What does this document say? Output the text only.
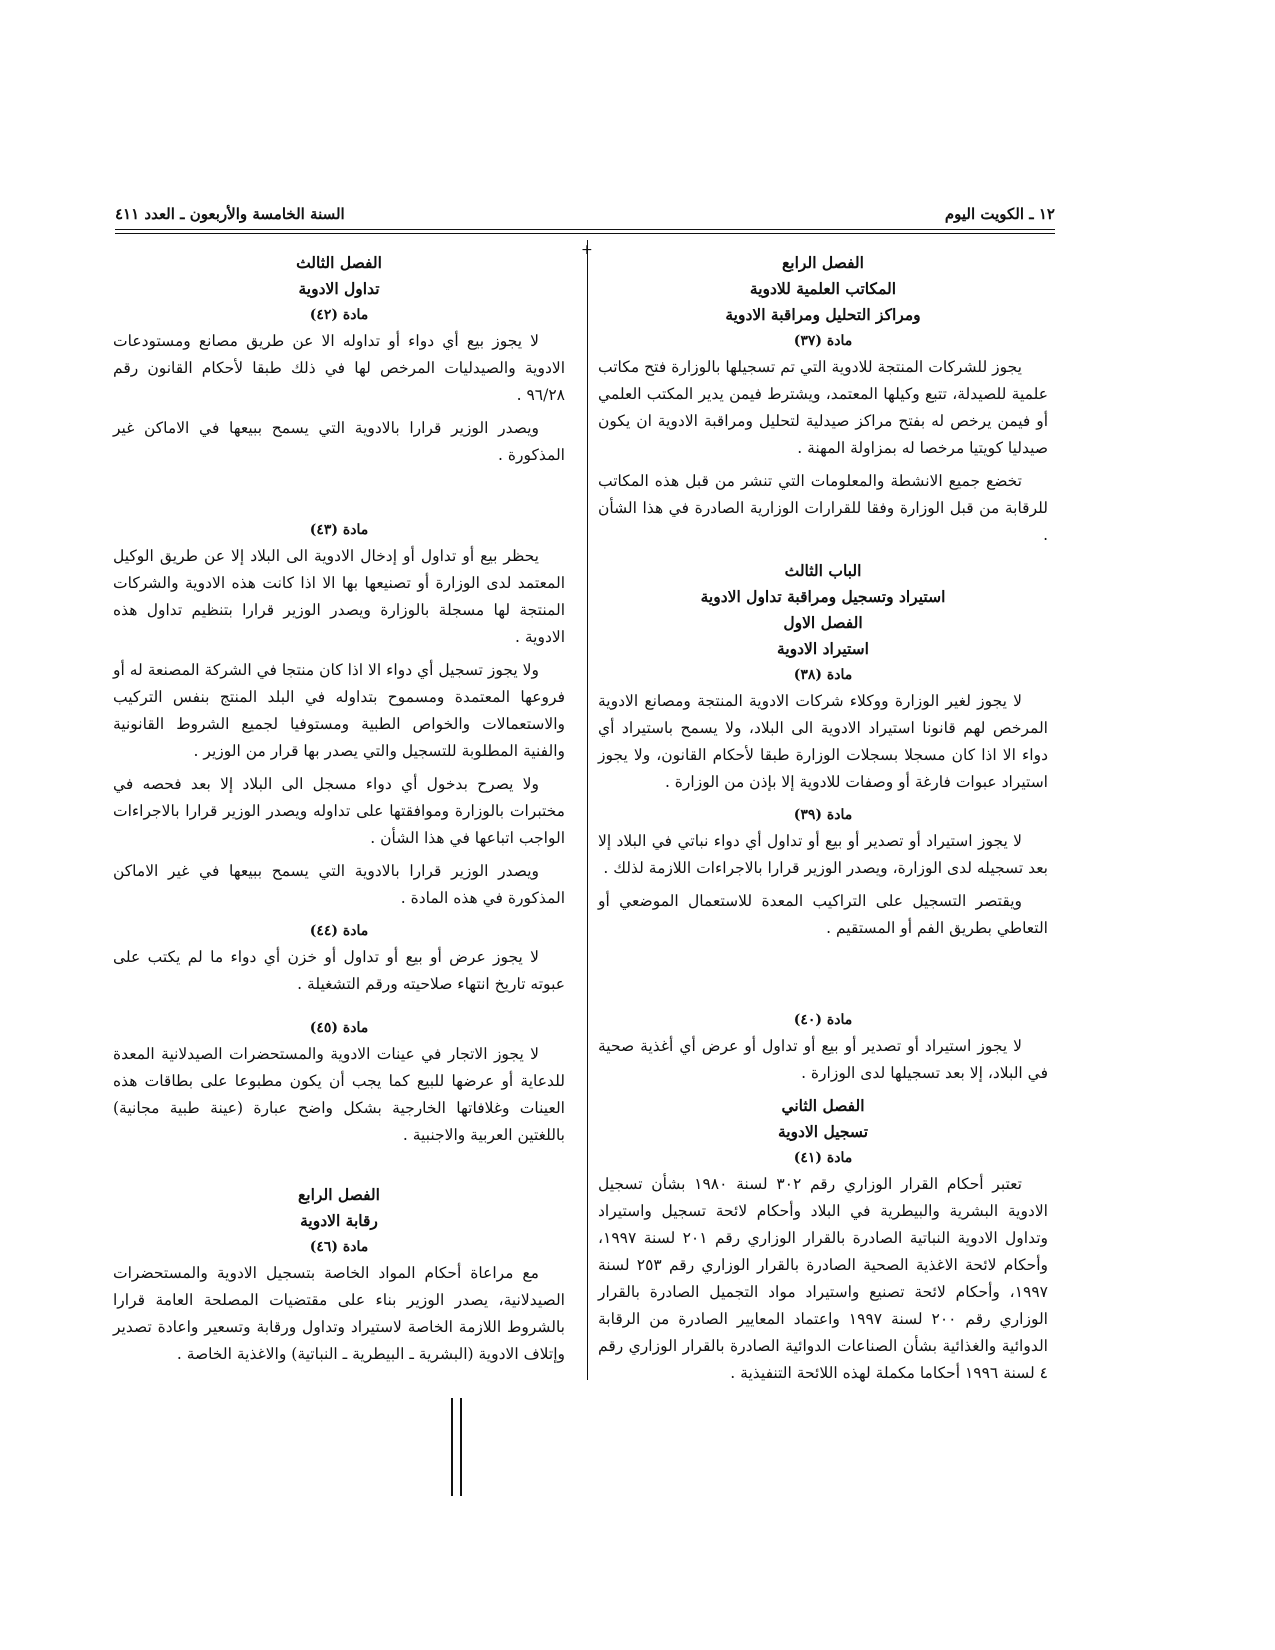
١٢ ـ الكويت اليوم
السنة الخامسة والأربعون ـ العدد ٤١١
+
الفصل الرابع
المكاتب العلمية للادوية
ومراكز التحليل ومراقبة الادوية
مادة (٣٧)

يجوز للشركات المنتجة للادوية التي تم تسجيلها بالوزارة فتح مكاتب علمية للصيدلة، تتبع وكيلها المعتمد، ويشترط فيمن يدير المكتب العلمي أو فيمن يرخص له بفتح مراكز صيدلية لتحليل ومراقبة الادوية ان يكون صيدليا كويتيا مرخصا له بمزاولة المهنة .

تخضع جميع الانشطة والمعلومات التي تنشر من قبل هذه المكاتب للرقابة من قبل الوزارة وفقا للقرارات الوزارية الصادرة في هذا الشأن .

الباب الثالث
استيراد وتسجيل ومراقبة تداول الادوية
الفصل الاول
استيراد الادوية
مادة (٣٨)

لا يجوز لغير الوزارة ووكلاء شركات الادوية المنتجة ومصانع الادوية المرخص لهم قانونا استيراد الادوية الى البلاد، ولا يسمح باستيراد أي دواء الا اذا كان مسجلا بسجلات الوزارة طبقا لأحكام القانون، ولا يجوز استيراد عبوات فارغة أو وصفات للادوية إلا بإذن من الوزارة .

مادة (٣٩)

لا يجوز استيراد أو تصدير أو بيع أو تداول أي دواء نباتي في البلاد إلا بعد تسجيله لدى الوزارة، ويصدر الوزير قرارا بالاجراءات اللازمة لذلك .

ويقتصر التسجيل على التراكيب المعدة للاستعمال الموضعي أو التعاطي بطريق الفم أو المستقيم .

مادة (٤٠)

لا يجوز استيراد أو تصدير أو بيع أو تداول أو عرض أي أغذية صحية في البلاد، إلا بعد تسجيلها لدى الوزارة .

الفصل الثاني
تسجيل الادوية
مادة (٤١)

تعتبر أحكام القرار الوزاري رقم ٣٠٢ لسنة ١٩٨٠ بشأن تسجيل الادوية البشرية والبيطرية في البلاد وأحكام لائحة تسجيل واستيراد وتداول الادوية النباتية الصادرة بالقرار الوزاري رقم ٢٠١ لسنة ١٩٩٧، وأحكام لائحة الاغذية الصحية الصادرة بالقرار الوزاري رقم ٢٥٣ لسنة ١٩٩٧، وأحكام لائحة تصنيع واستيراد مواد التجميل الصادرة بالقرار الوزاري رقم ٢٠٠ لسنة ١٩٩٧ واعتماد المعايير الصادرة من الرقابة الدوائية والغذائية بشأن الصناعات الدوائية الصادرة بالقرار الوزاري رقم ٤ لسنة ١٩٩٦ أحكاما مكملة لهذه اللائحة التنفيذية .

الفصل الثالث
تداول الادوية
مادة (٤٢)

لا يجوز بيع أي دواء أو تداوله الا عن طريق مصانع ومستودعات الادوية والصيدليات المرخص لها في ذلك طبقا لأحكام القانون رقم ٩٦/٢٨ .

ويصدر الوزير قرارا بالادوية التي يسمح ببيعها في الاماكن غير المذكورة .

مادة (٤٣)

يحظر بيع أو تداول أو إدخال الادوية الى البلاد إلا عن طريق الوكيل المعتمد لدى الوزارة أو تصنيعها بها الا اذا كانت هذه الادوية والشركات المنتجة لها مسجلة بالوزارة ويصدر الوزير قرارا بتنظيم تداول هذه الادوية .

ولا يجوز تسجيل أي دواء الا اذا كان منتجا في الشركة المصنعة له أو فروعها المعتمدة ومسموح بتداوله في البلد المنتج بنفس التركيب والاستعمالات والخواص الطبية ومستوفيا لجميع الشروط القانونية والفنية المطلوبة للتسجيل والتي يصدر بها قرار من الوزير .

ولا يصرح بدخول أي دواء مسجل الى البلاد إلا بعد فحصه في مختبرات بالوزارة وموافقتها على تداوله ويصدر الوزير قرارا بالاجراءات الواجب اتباعها في هذا الشأن .

ويصدر الوزير قرارا بالادوية التي يسمح ببيعها في غير الاماكن المذكورة في هذه المادة .

مادة (٤٤)

لا يجوز عرض أو بيع أو تداول أو خزن أي دواء ما لم يكتب على عبوته تاريخ انتهاء صلاحيته ورقم التشغيلة .

مادة (٤٥)

لا يجوز الاتجار في عينات الادوية والمستحضرات الصيدلانية المعدة للدعاية أو عرضها للبيع كما يجب أن يكون مطبوعا على بطاقات هذه العينات وغلافاتها الخارجية بشكل واضح عبارة (عينة طبية مجانية) باللغتين العربية والاجنبية .

الفصل الرابع
رقابة الادوية
مادة (٤٦)

مع مراعاة أحكام المواد الخاصة بتسجيل الادوية والمستحضرات الصيدلانية، يصدر الوزير بناء على مقتضيات المصلحة العامة قرارا بالشروط اللازمة الخاصة لاستيراد وتداول ورقابة وتسعير واعادة تصدير وإتلاف الادوية (البشرية ـ البيطرية ـ النباتية) والاغذية الخاصة .
